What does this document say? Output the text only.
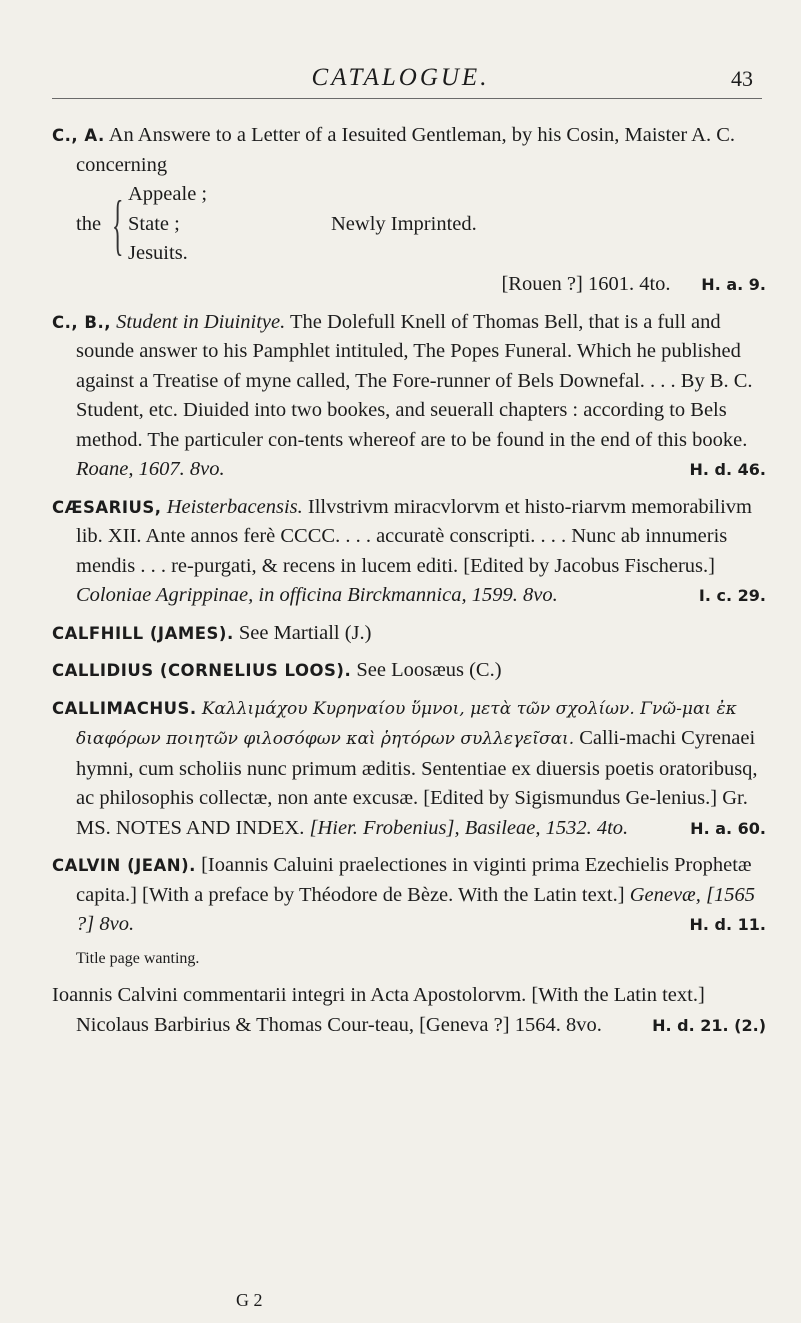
CATALOGUE.	43
C., A. An Answere to a Letter of a Iesuited Gentleman, by his Cosin, Maister A. C. concerning
the { Appeale ;
State ;
Jesuits.
Newly Imprinted.
[Rouen ?] 1601. 4to. H. a. 9.
C., B., Student in Diuinitye. The Dolefull Knell of Thomas Bell, that is a full and sounde answer to his Pamphlet intituled, The Popes Funeral. Which he published against a Treatise of myne called, The Fore-runner of Bels Downefal. . . . By B. C. Student, etc. Diuided into two bookes, and seuerall chapters : according to Bels method. The particuler con-tents whereof are to be found in the end of this booke. Roane, 1607. 8vo.	H. d. 46.
CÆSARIUS, Heisterbacensis. Illvstrivm miracvlorvm et histo-riarvm memorabilivm lib. XII. Ante annos ferè CCCC. . . . accuratè conscripti. . . . Nunc ab innumeris mendis . . . re-purgati, & recens in lucem editi. [Edited by Jacobus Fischerus.] Coloniae Agrippinae, in officina Birckmannica, 1599. 8vo.	I. c. 29.
CALFHILL (JAMES). See Martiall (J.)
CALLIDIUS (CORNELIUS LOOS). See Loosæus (C.)
CALLIMACHUS. Καλλιμάχου Κυρηναίου ὕμνοι, μετὰ τῶν σχολίων. Γνῶ-μαι ἐκ διαφόρων ποιητῶν φιλοσόφων καὶ ῥητόρων συλλεγεῖσαι. Calli-machi Cyrenaei hymni, cum scholiis nunc primum æditis. Sententiae ex diuersis poetis oratoribusq, ac philosophis collectæ, non ante excusæ. [Edited by Sigismundus Ge-lenius.] Gr. MS. NOTES AND INDEX. [Hier. Frobenius], Basileae, 1532. 4to.	H. a. 60.
CALVIN (JEAN). [Ioannis Caluini praelectiones in viginti prima Ezechielis Prophetæ capita.] [With a preface by Théodore de Bèze. With the Latin text.] Genevæ, [1565 ?] 8vo.	H. d. 11.
Title page wanting.
Ioannis Calvini commentarii integri in Acta Apostolorvm. [With the Latin text.] Nicolaus Barbirius & Thomas Cour-teau, [Geneva ?] 1564. 8vo.	H. d. 21. (2.)
G 2
